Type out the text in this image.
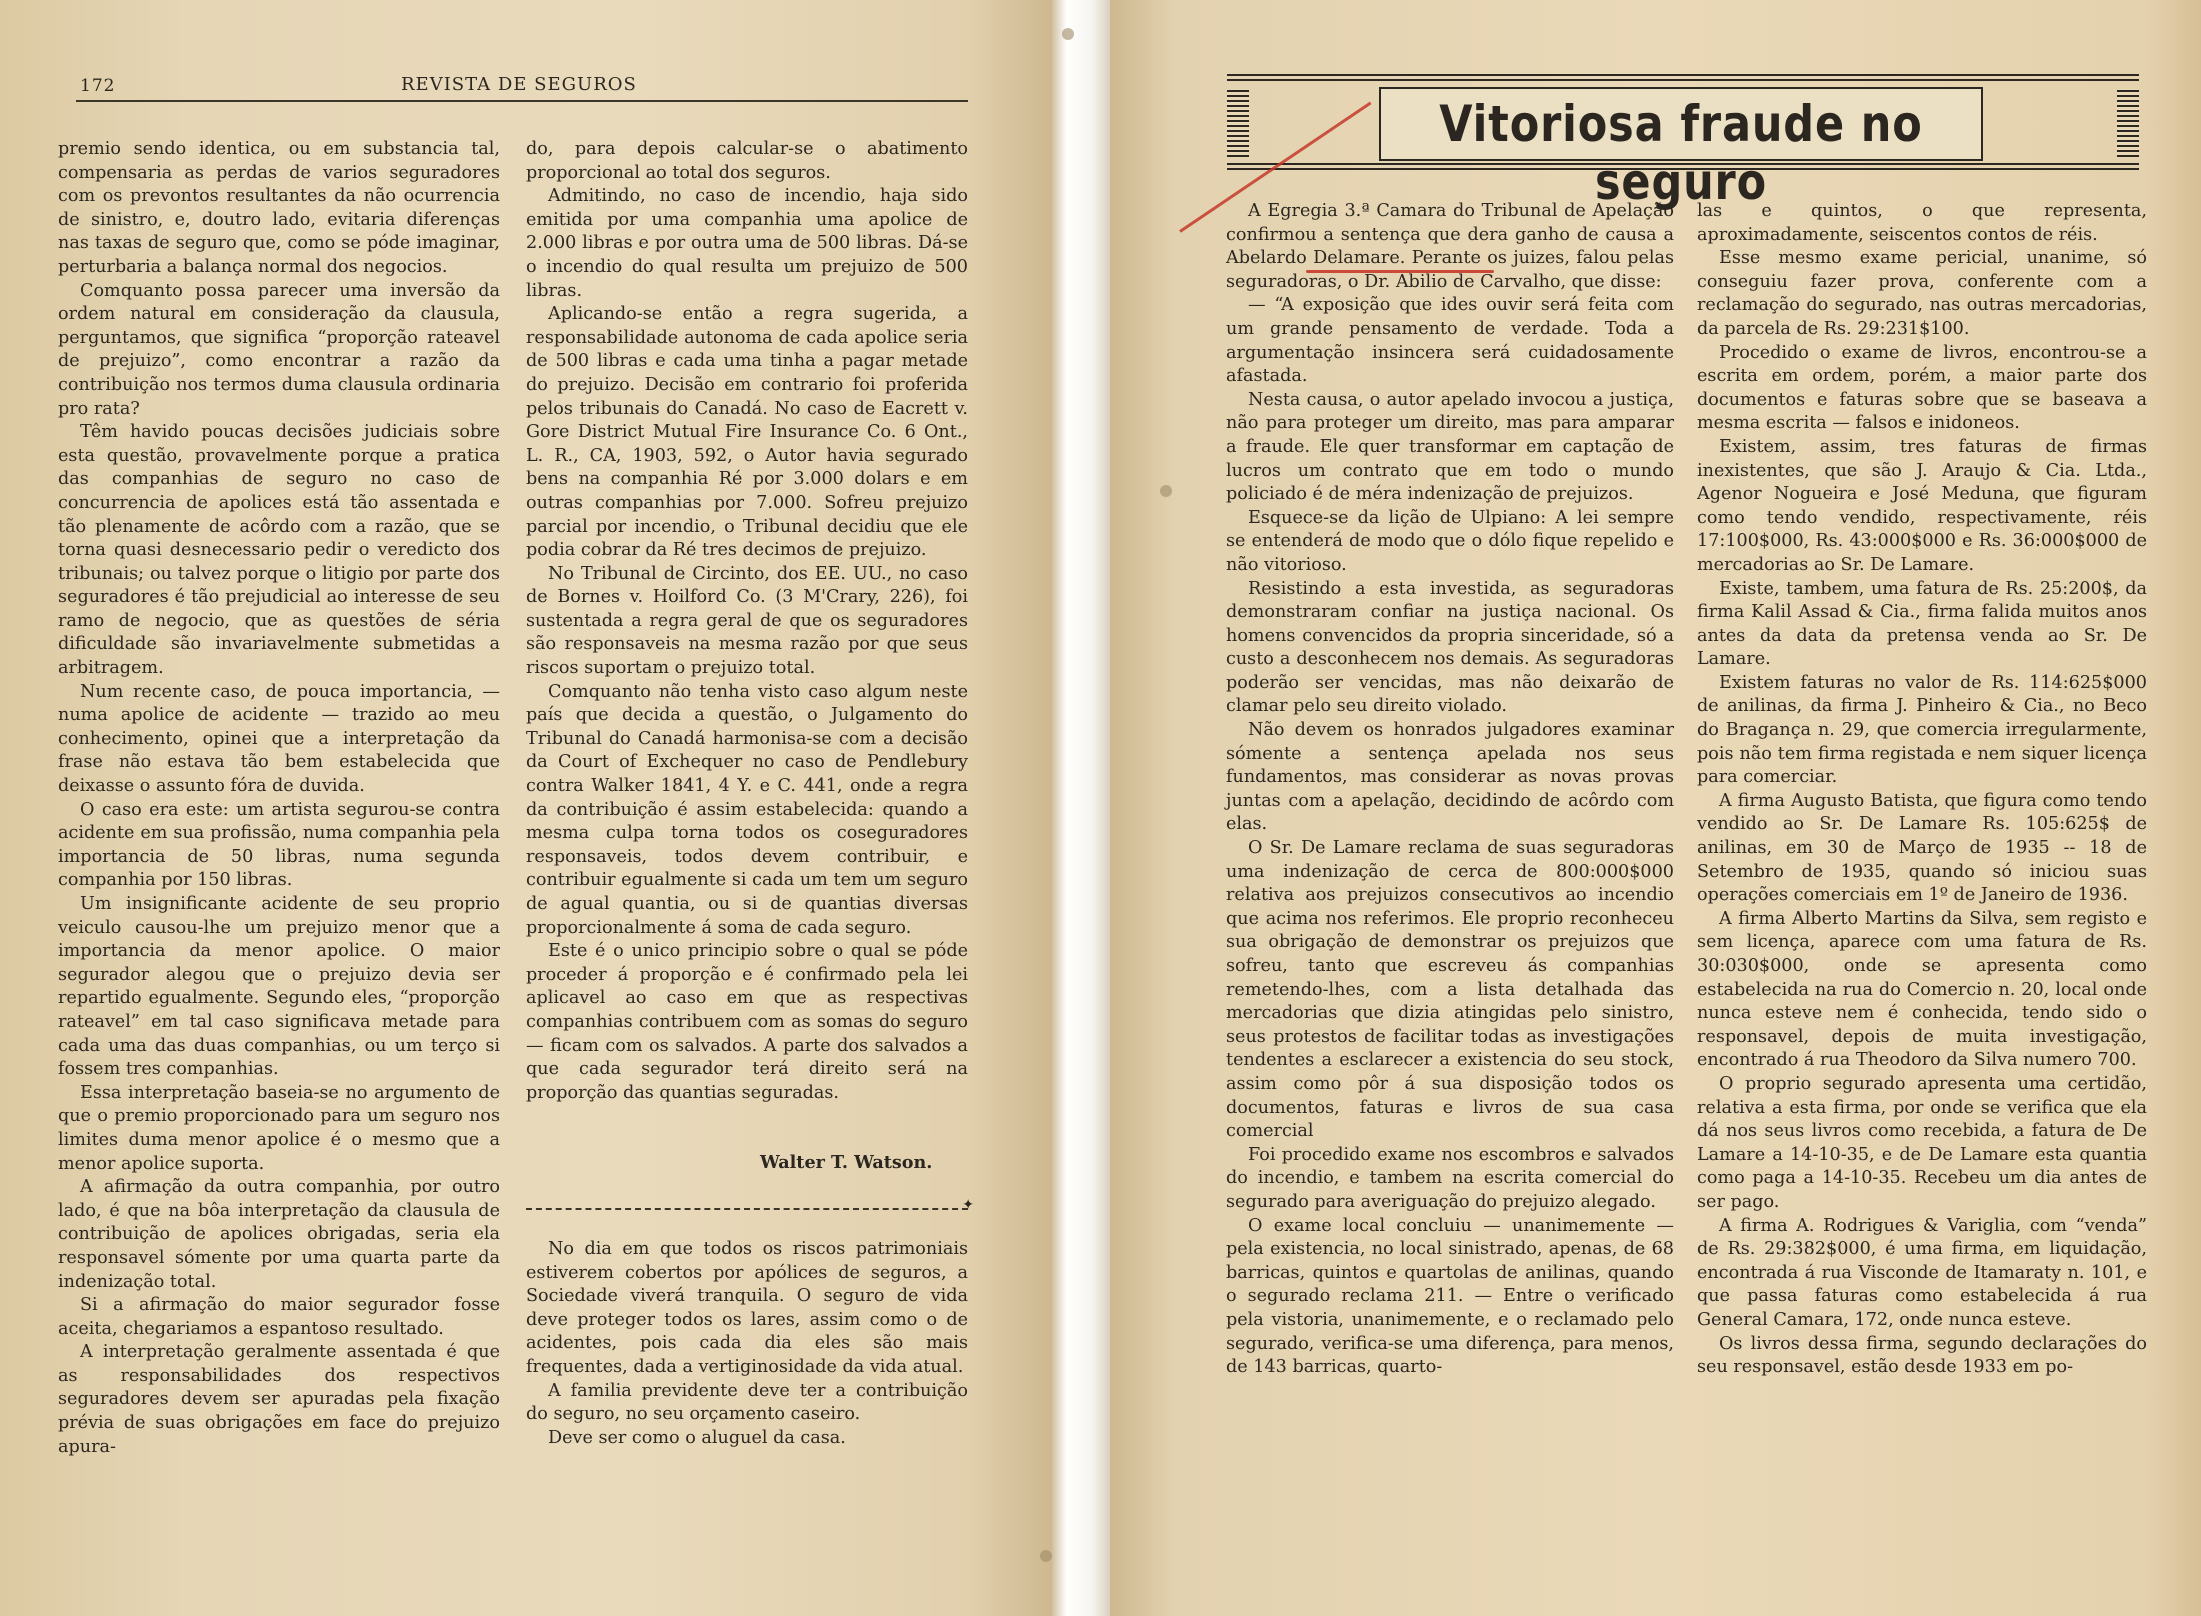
172	REVISTA DE SEGUROS

premio sendo identica, ou em substancia tal, compensaria as perdas de varios seguradores com os prevontos resultantes da não ocurrencia de sinistro, e, doutro lado, evitaria diferenças nas taxas de seguro que, como se póde imaginar, perturbaria a balança normal dos negocios.

Comquanto possa parecer uma inversão da ordem natural em consideração da clausula, perguntamos, que significa “proporção rateavel de prejuizo”, como encontrar a razão da contribuição nos termos duma clausula ordinaria pro rata?

Têm havido poucas decisões judiciais sobre esta questão, provavelmente porque a pratica das companhias de seguro no caso de concurrencia de apolices está tão assentada e tão plenamente de acôrdo com a razão, que se torna quasi desnecessario pedir o veredicto dos tribunais; ou talvez porque o litigio por parte dos seguradores é tão prejudicial ao interesse de seu ramo de negocio, que as questões de séria dificuldade são invariavelmente submetidas a arbitragem.

Num recente caso, de pouca importancia, — numa apolice de acidente — trazido ao meu conhecimento, opinei que a interpretação da frase não estava tão bem estabelecida que deixasse o assunto fóra de duvida.

O caso era este: um artista segurou-se contra acidente em sua profissão, numa companhia pela importancia de 50 libras, numa segunda companhia por 150 libras.

Um insignificante acidente de seu proprio veiculo causou-lhe um prejuizo menor que a importancia da menor apolice. O maior segurador alegou que o prejuizo devia ser repartido egualmente. Segundo eles, “proporção rateavel” em tal caso significava metade para cada uma das duas companhias, ou um terço si fossem tres companhias.

Essa interpretação baseia-se no argumento de que o premio proporcionado para um seguro nos limites duma menor apolice é o mesmo que a menor apolice suporta.

A afirmação da outra companhia, por outro lado, é que na bôa interpretação da clausula de contribuição de apolices obrigadas, seria ela responsavel sómente por uma quarta parte da indenização total.

Si a afirmação do maior segurador fosse aceita, chegariamos a espantoso resultado.

A interpretação geralmente assentada é que as responsabilidades dos respectivos seguradores devem ser apuradas pela fixação prévia de suas obrigações em face do prejuizo apura-

do, para depois calcular-se o abatimento proporcional ao total dos seguros.

Admitindo, no caso de incendio, haja sido emitida por uma companhia uma apolice de 2.000 libras e por outra uma de 500 libras. Dá-se o incendio do qual resulta um prejuizo de 500 libras.

Aplicando-se então a regra sugerida, a responsabilidade autonoma de cada apolice seria de 500 libras e cada uma tinha a pagar metade do prejuizo. Decisão em contrario foi proferida pelos tribunais do Canadá. No caso de Eacrett v. Gore District Mutual Fire Insurance Co. 6 Ont., L. R., CA, 1903, 592, o Autor havia segurado bens na companhia Ré por 3.000 dolars e em outras companhias por 7.000. Sofreu prejuizo parcial por incendio, o Tribunal decidiu que ele podia cobrar da Ré tres decimos de prejuizo.

No Tribunal de Circinto, dos EE. UU., no caso de Bornes v. Hoilford Co. (3 M'Crary, 226), foi sustentada a regra geral de que os seguradores são responsaveis na mesma razão por que seus riscos suportam o prejuizo total.

Comquanto não tenha visto caso algum neste país que decida a questão, o Julgamento do Tribunal do Canadá harmonisa-se com a decisão da Court of Exchequer no caso de Pendlebury contra Walker 1841, 4 Y. e C. 441, onde a regra da contribuição é assim estabelecida: quando a mesma culpa torna todos os coseguradores responsaveis, todos devem contribuir, e contribuir egualmente si cada um tem um seguro de agual quantia, ou si de quantias diversas proporcionalmente á soma de cada seguro.

Este é o unico principio sobre o qual se póde proceder á proporção e é confirmado pela lei aplicavel ao caso em que as respectivas companhias contribuem com as somas do seguro — ficam com os salvados. A parte dos salvados a que cada segurador terá direito será na proporção das quantias seguradas.

Walter T. Watson.
✦

No dia em que todos os riscos patrimoniais estiverem cobertos por apólices de seguros, a Sociedade viverá tranquila. O seguro de vida deve proteger todos os lares, assim como o de acidentes, pois cada dia eles são mais frequentes, dada a vertiginosidade da vida atual.

A familia previdente deve ter a contribuição do seguro, no seu orçamento caseiro.

Deve ser como o aluguel da casa.

Vitoriosa fraude no seguro

A Egregia 3.ª Camara do Tribunal de Apelação confirmou a sentença que dera ganho de causa a Abelardo Delamare. Perante os juizes, falou pelas seguradoras, o Dr. Abilio de Carvalho, que disse:

— “A exposição que ides ouvir será feita com um grande pensamento de verdade. Toda a argumentação insincera será cuidadosamente afastada.

Nesta causa, o autor apelado invocou a justiça, não para proteger um direito, mas para amparar a fraude. Ele quer transformar em captação de lucros um contrato que em todo o mundo policiado é de méra indenização de prejuizos.

Esquece-se da lição de Ulpiano: A lei sempre se entenderá de modo que o dólo fique repelido e não vitorioso.

Resistindo a esta investida, as seguradoras demonstraram confiar na justiça nacional. Os homens convencidos da propria sinceridade, só a custo a desconhecem nos demais. As seguradoras poderão ser vencidas, mas não deixarão de clamar pelo seu direito violado.

Não devem os honrados julgadores examinar sómente a sentença apelada nos seus fundamentos, mas considerar as novas provas juntas com a apelação, decidindo de acôrdo com elas.

O Sr. De Lamare reclama de suas seguradoras uma indenização de cerca de 800:000$000 relativa aos prejuizos consecutivos ao incendio que acima nos referimos. Ele proprio reconheceu sua obrigação de demonstrar os prejuizos que sofreu, tanto que escreveu ás companhias remetendo-lhes, com a lista detalhada das mercadorias que dizia atingidas pelo sinistro, seus protestos de facilitar todas as investigações tendentes a esclarecer a existencia do seu stock, assim como pôr á sua disposição todos os documentos, faturas e livros de sua casa comercial

Foi procedido exame nos escombros e salvados do incendio, e tambem na escrita comercial do segurado para averiguação do prejuizo alegado.

O exame local concluiu — unanimemente — pela existencia, no local sinistrado, apenas, de 68 barricas, quintos e quartolas de anilinas, quando o segurado reclama 211. — Entre o verificado pela vistoria, unanimemente, e o reclamado pelo segurado, verifica-se uma diferença, para menos, de 143 barricas, quarto-

las e quintos, o que representa, aproximadamente, seiscentos contos de réis.

Esse mesmo exame pericial, unanime, só conseguiu fazer prova, conferente com a reclamação do segurado, nas outras mercadorias, da parcela de Rs. 29:231$100.

Procedido o exame de livros, encontrou-se a escrita em ordem, porém, a maior parte dos documentos e faturas sobre que se baseava a mesma escrita — falsos e inidoneos.

Existem, assim, tres faturas de firmas inexistentes, que são J. Araujo & Cia. Ltda., Agenor Nogueira e José Meduna, que figuram como tendo vendido, respectivamente, réis 17:100$000, Rs. 43:000$000 e Rs. 36:000$000 de mercadorias ao Sr. De Lamare.

Existe, tambem, uma fatura de Rs. 25:200$, da firma Kalil Assad & Cia., firma falida muitos anos antes da data da pretensa venda ao Sr. De Lamare.

Existem faturas no valor de Rs. 114:625$000 de anilinas, da firma J. Pinheiro & Cia., no Beco do Bragança n. 29, que comercia irregularmente, pois não tem firma registada e nem siquer licença para comerciar.

A firma Augusto Batista, que figura como tendo vendido ao Sr. De Lamare Rs. 105:625$ de anilinas, em 30 de Março de 1935 -- 18 de Setembro de 1935, quando só iniciou suas operações comerciais em 1º de Janeiro de 1936.

A firma Alberto Martins da Silva, sem registo e sem licença, aparece com uma fatura de Rs. 30:030$000, onde se apresenta como estabelecida na rua do Comercio n. 20, local onde nunca esteve nem é conhecida, tendo sido o responsavel, depois de muita investigação, encontrado á rua Theodoro da Silva numero 700.

O proprio segurado apresenta uma certidão, relativa a esta firma, por onde se verifica que ela dá nos seus livros como recebida, a fatura de De Lamare a 14-10-35, e de De Lamare esta quantia como paga a 14-10-35. Recebeu um dia antes de ser pago.

A firma A. Rodrigues & Variglia, com “venda” de Rs. 29:382$000, é uma firma, em liquidação, encontrada á rua Visconde de Itamaraty n. 101, e que passa faturas como estabelecida á rua General Camara, 172, onde nunca esteve.

Os livros dessa firma, segundo declarações do seu responsavel, estão desde 1933 em po-
